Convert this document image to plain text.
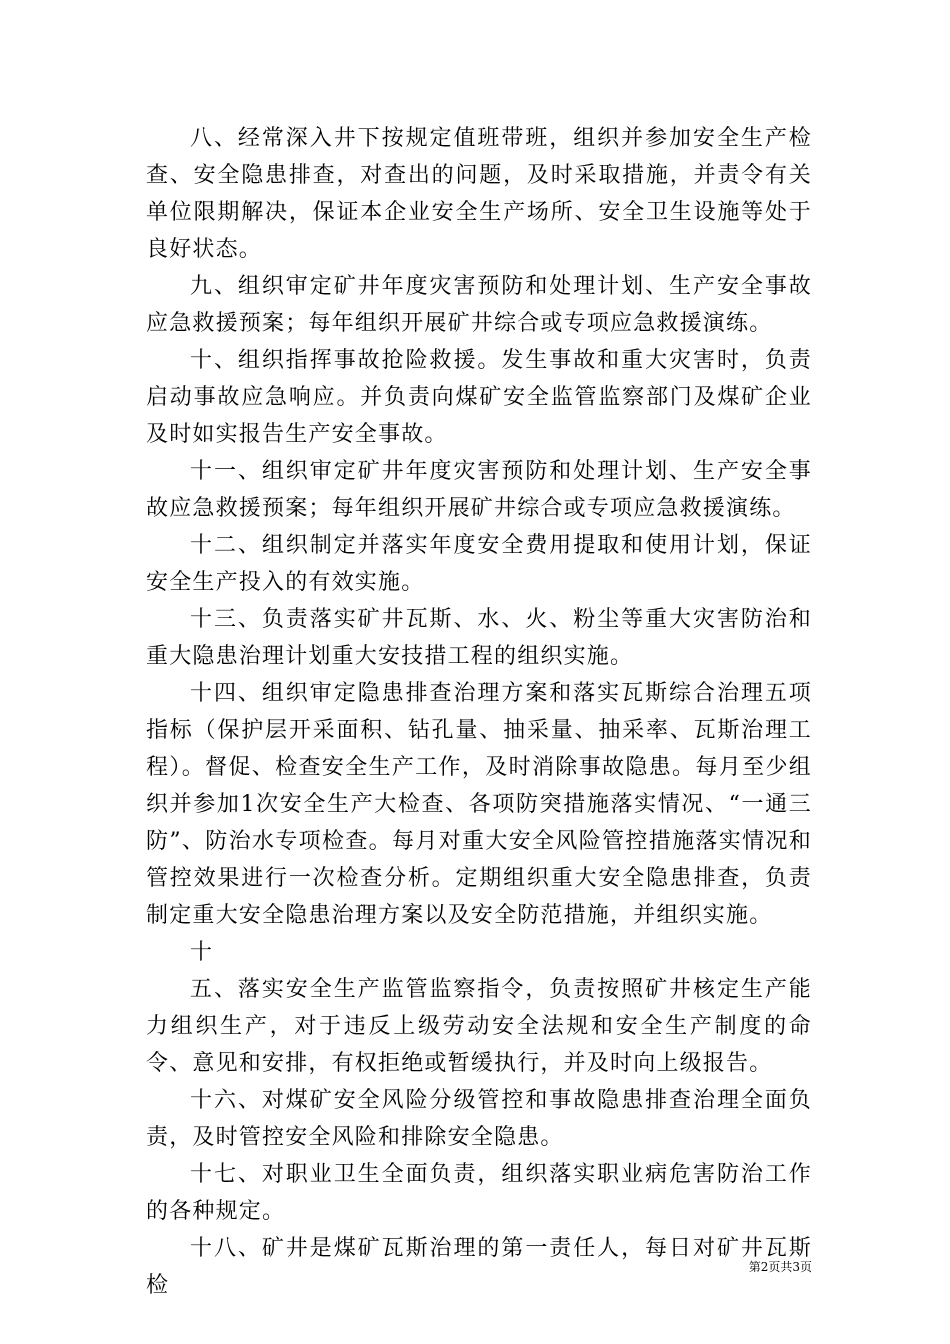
八、经常深入井下按规定值班带班，组织并参加安全生产检查、安全隐患排查，对查出的问题，及时采取措施，并责令有关单位限期解决，保证本企业安全生产场所、安全卫生设施等处于良好状态。

九、组织审定矿井年度灾害预防和处理计划、生产安全事故应急救援预案；每年组织开展矿井综合或专项应急救援演练。

十、组织指挥事故抢险救援。发生事故和重大灾害时，负责启动事故应急响应。并负责向煤矿安全监管监察部门及煤矿企业及时如实报告生产安全事故。

十一、组织审定矿井年度灾害预防和处理计划、生产安全事故应急救援预案；每年组织开展矿井综合或专项应急救援演练。

十二、组织制定并落实年度安全费用提取和使用计划，保证安全生产投入的有效实施。

十三、负责落实矿井瓦斯、水、火、粉尘等重大灾害防治和重大隐患治理计划重大安技措工程的组织实施。

十四、组织审定隐患排查治理方案和落实瓦斯综合治理五项指标（保护层开采面积、钻孔量、抽采量、抽采率、瓦斯治理工程）。督促、检查安全生产工作，及时消除事故隐患。每月至少组织并参加1次安全生产大检查、各项防突措施落实情况、“一通三防”、防治水专项检查。每月对重大安全风险管控措施落实情况和管控效果进行一次检查分析。定期组织重大安全隐患排查，负责制定重大安全隐患治理方案以及安全防范措施，并组织实施。

十

五、落实安全生产监管监察指令，负责按照矿井核定生产能力组织生产，对于违反上级劳动安全法规和安全生产制度的命令、意见和安排，有权拒绝或暂缓执行，并及时向上级报告。

十六、对煤矿安全风险分级管控和事故隐患排查治理全面负责，及时管控安全风险和排除安全隐患。

十七、对职业卫生全面负责，组织落实职业病危害防治工作的各种规定。

十八、矿井是煤矿瓦斯治理的第一责任人，每日对矿井瓦斯检

第2页共3页
